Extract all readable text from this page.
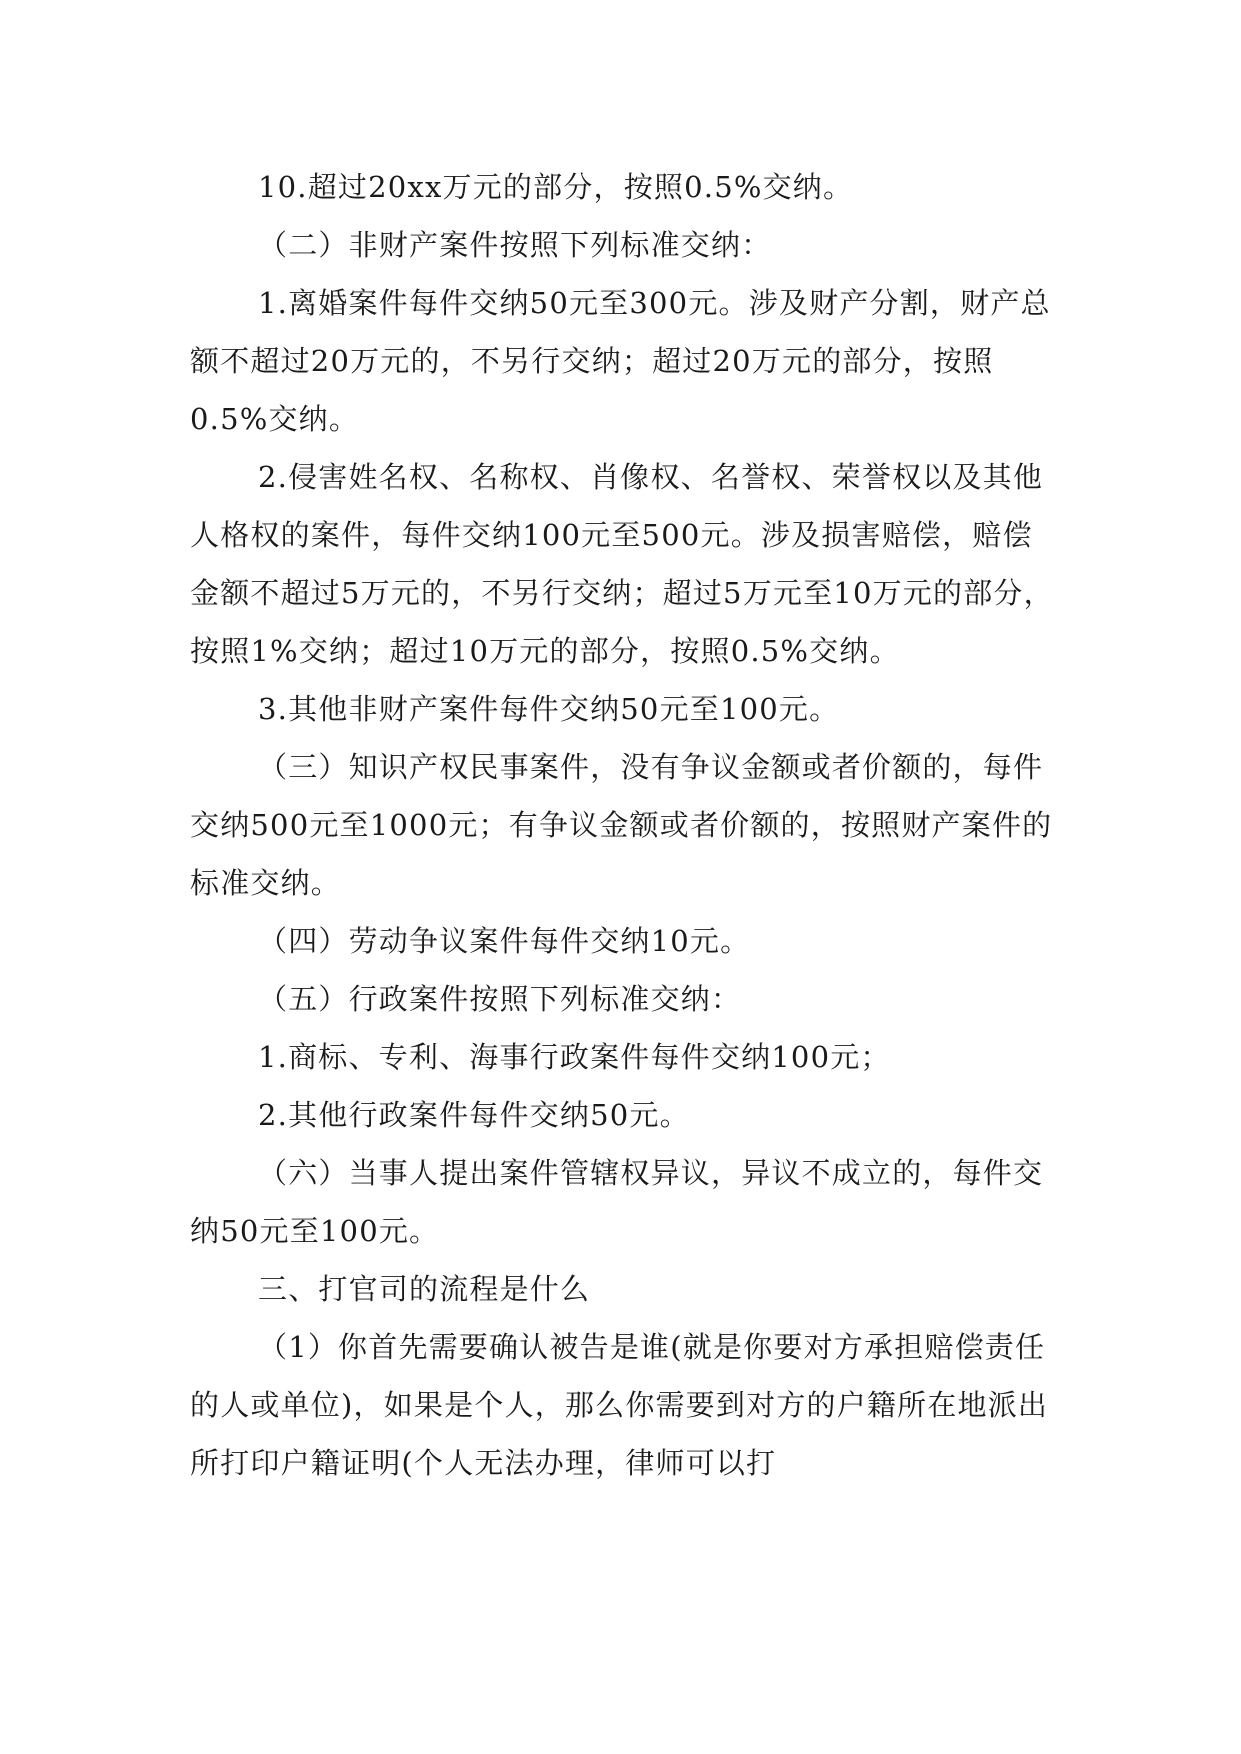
10.超过20xx万元的部分，按照0.5%交纳。

（二）非财产案件按照下列标准交纳：

1.离婚案件每件交纳50元至300元。涉及财产分割，财产总额不超过20万元的，不另行交纳；超过20万元的部分，按照0.5%交纳。

2.侵害姓名权、名称权、肖像权、名誉权、荣誉权以及其他人格权的案件，每件交纳100元至500元。涉及损害赔偿，赔偿金额不超过5万元的，不另行交纳；超过5万元至10万元的部分，按照1%交纳；超过10万元的部分，按照0.5%交纳。

3.其他非财产案件每件交纳50元至100元。

（三）知识产权民事案件，没有争议金额或者价额的，每件交纳500元至1000元；有争议金额或者价额的，按照财产案件的标准交纳。

（四）劳动争议案件每件交纳10元。

（五）行政案件按照下列标准交纳：

1.商标、专利、海事行政案件每件交纳100元；

2.其他行政案件每件交纳50元。

（六）当事人提出案件管辖权异议，异议不成立的，每件交纳50元至100元。

三、打官司的流程是什么

（1）你首先需要确认被告是谁(就是你要对方承担赔偿责任的人或单位)，如果是个人，那么你需要到对方的户籍所在地派出所打印户籍证明(个人无法办理，律师可以打
